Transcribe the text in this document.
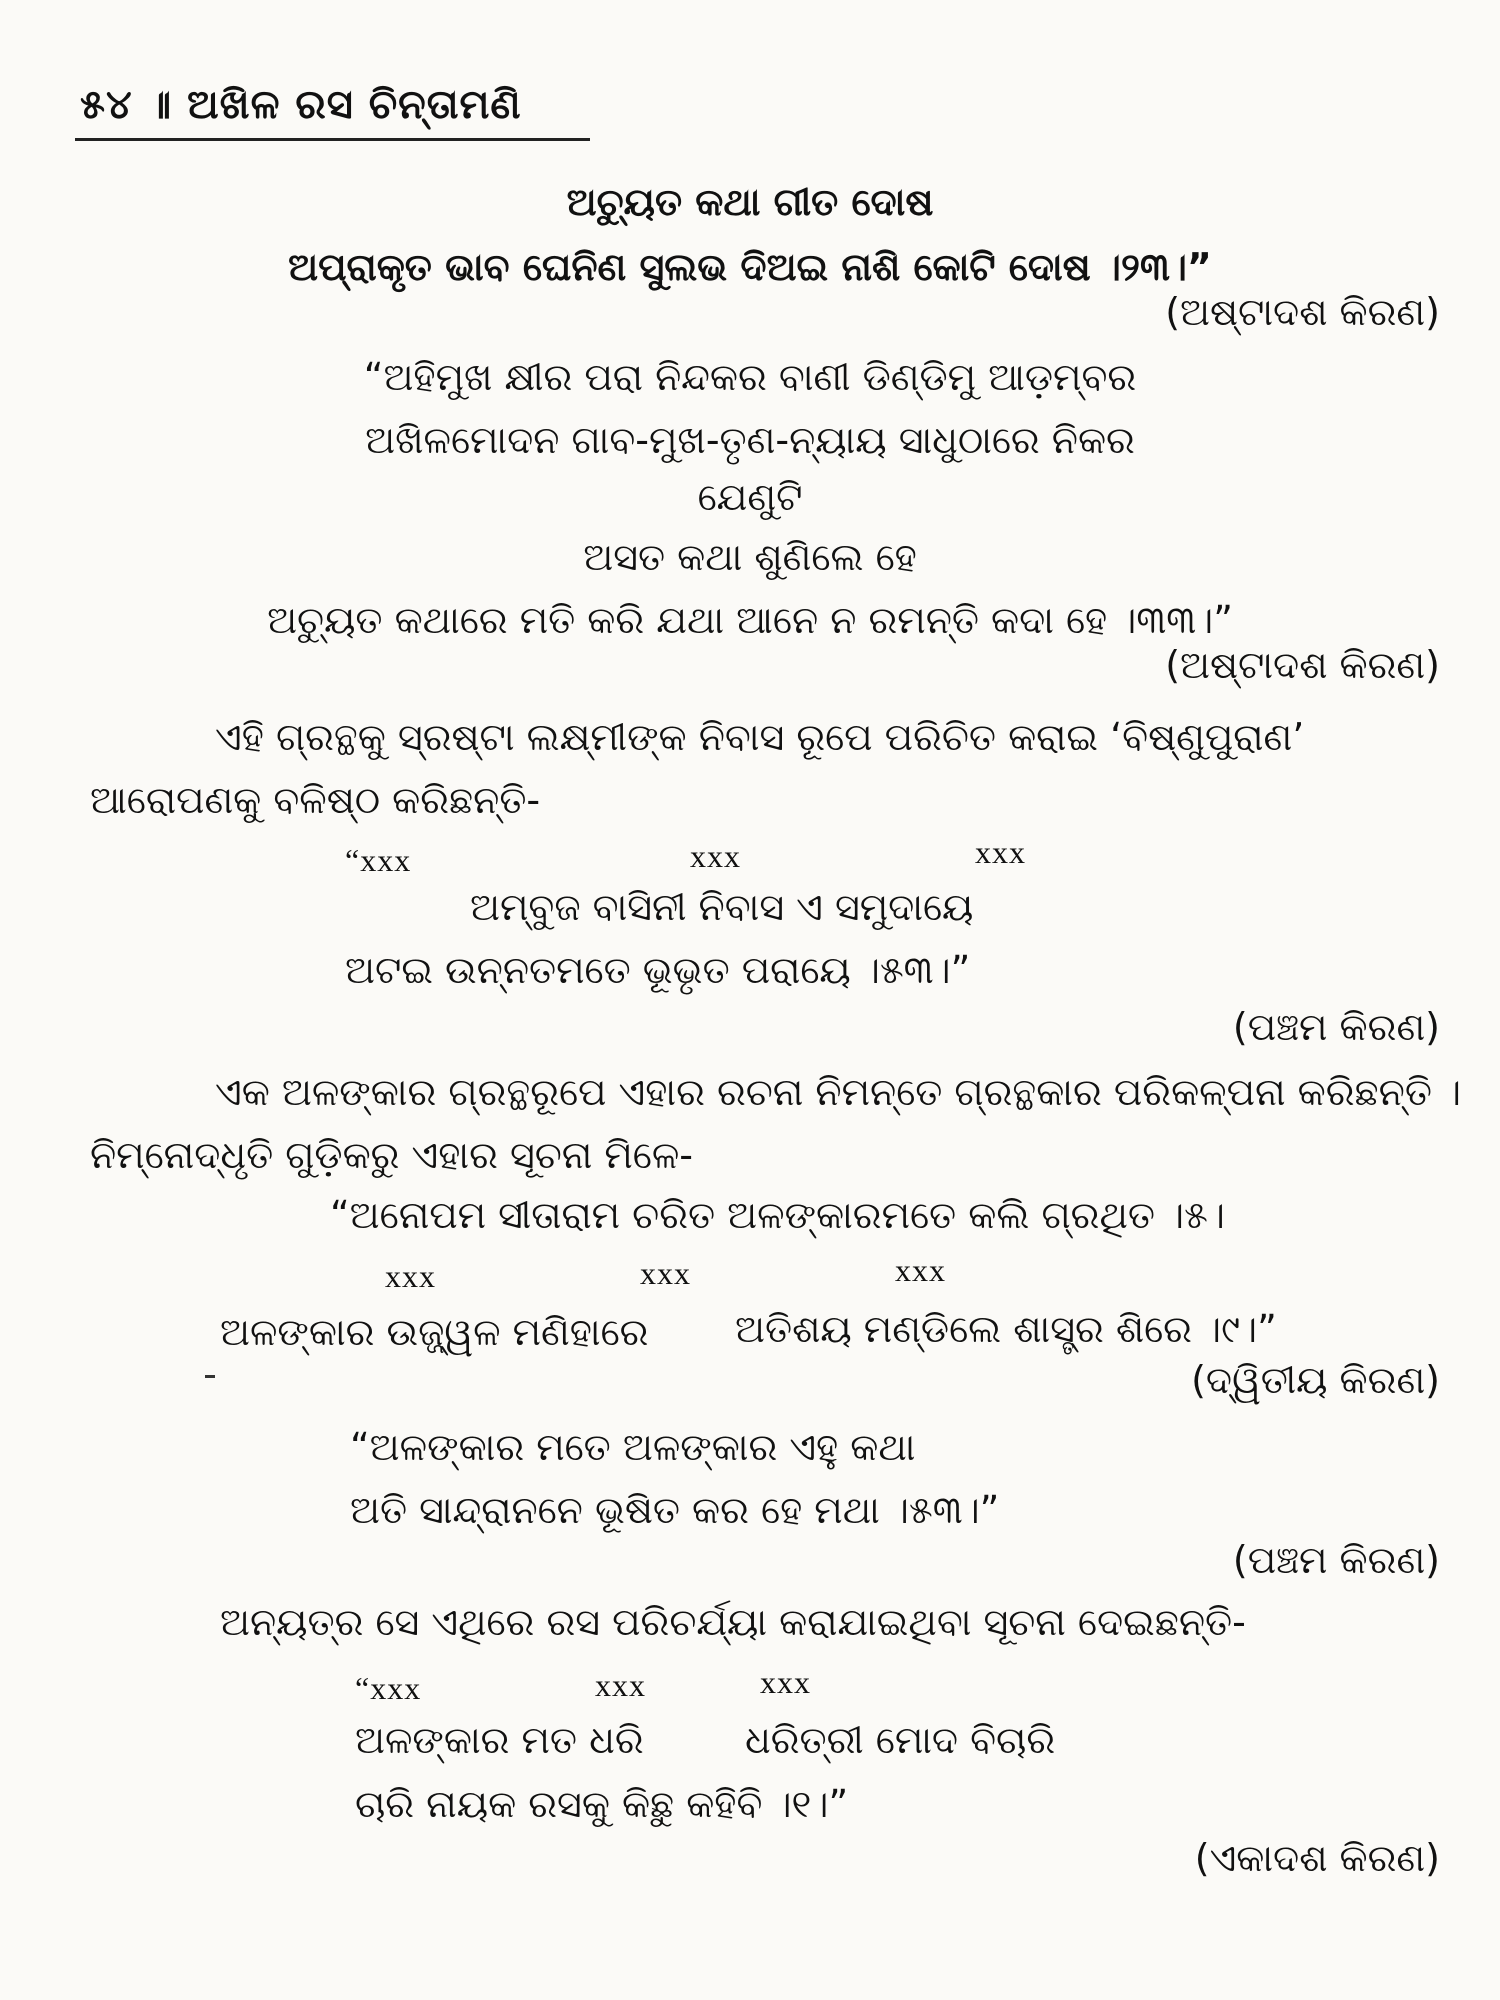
୫୪ ॥ ଅଖିଳ ରସ ଚିନ୍ତାମଣି
ଅଚ୍ୟୁତ କଥା ଗୀତ ଦୋଷ
ଅପ୍ରାକୃତ ଭାବ ଘେନିଣ ସୁଲଭ ଦିଅଇ ନାଶି କୋଟି ଦୋଷ ।୨୩।”
(ଅଷ୍ଟାଦଶ କିରଣ)
“ଅହିମୁଖ କ୍ଷୀର ପରା ନିନ୍ଦକର ବାଣୀ ଡିଣ୍ଡିମୁ ଆଡ଼ମ୍ବର
ଅଖିଳମୋଦନ ଗାବ-ମୁଖ-ତୃଣ-ନ୍ୟାୟ ସାଧୁଠାରେ ନିକର
ଯେଣୁଟି
ଅସତ କଥା ଶୁଣିଲେ ହେ
ଅଚ୍ୟୁତ କଥାରେ ମତି କରି ଯଥା ଆନେ ନ ରମନ୍ତି କଦା ହେ ।୩୩।”
(ଅଷ୍ଟାଦଶ କିରଣ)
ଏହି ଗ୍ରନ୍ଥକୁ ସ୍ରଷ୍ଟା ଲକ୍ଷ୍ମୀଙ୍କ ନିବାସ ରୂପେ ପରିଚିତ କରାଇ ‘ବିଷ୍ଣୁପୁରାଣ’
ଆରୋପଣକୁ ବଳିଷ୍ଠ କରିଛନ୍ତି-
“xxx	xxx	xxx
ଅମ୍ବୁଜ ବାସିନୀ ନିବାସ ଏ ସମୁଦାୟେ
ଅଟଇ ଉନ୍ନତମତେ ଭୂଭୃତ ପରାୟେ ।୫୩।”
(ପଞ୍ଚମ କିରଣ)
ଏକ ଅଳଙ୍କାର ଗ୍ରନ୍ଥରୂପେ ଏହାର ରଚନା ନିମନ୍ତେ ଗ୍ରନ୍ଥକାର ପରିକଳ୍ପନା କରିଛନ୍ତି ।
ନିମ୍ନୋଦ୍ଧୃତି ଗୁଡ଼ିକରୁ ଏହାର ସୂଚନା ମିଳେ-
“ଅନୋପମ ସୀତାରାମ ଚରିତ ଅଳଙ୍କାରମତେ କଲି ଗ୍ରଥିତ ।୫।
xxx	xxx	xxx
ଅଳଙ୍କାର ଉଜ୍ଜ୍ୱଳ ମଣିହାରେ ଅତିଶୟ ମଣ୍ଡିଲେ ଶାସ୍ତ୍ର ଶିରେ ।୯।”
(ଦ୍ୱିତୀୟ କିରଣ)
“ଅଳଙ୍କାର ମତେ ଅଳଙ୍କାର ଏହୁ କଥା
ଅତି ସାନ୍ଦ୍ରାନନେ ଭୂଷିତ କର ହେ ମଥା ।୫୩।”
(ପଞ୍ଚମ କିରଣ)
ଅନ୍ୟତ୍ର ସେ ଏଥିରେ ରସ ପରିଚର୍ଯ୍ୟା କରାଯାଇଥିବା ସୂଚନା ଦେଇଛନ୍ତି-
“xxx	xxx	xxx
ଅଳଙ୍କାର ମତ ଧରି	ଧରିତ୍ରୀ ମୋଦ ବିଚାରି
ଚାରି ନାୟକ ରସକୁ କିଛୁ କହିବି ।୧।”
(ଏକାଦଶ କିରଣ)
